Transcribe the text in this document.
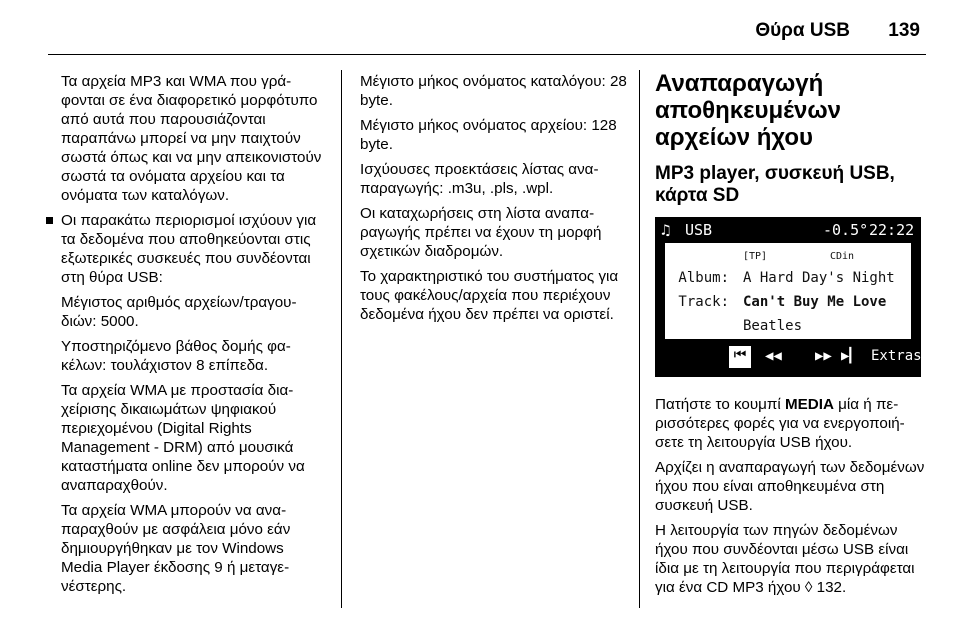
Θύρα USB 139

Τα αρχεία MP3 και WMA που γράφονται σε ένα διαφορετικό μορφότυπο από αυτά που παρουσιάζονται παραπάνω μπορεί να μην παιχτούν σωστά όπως και να μην απεικονιστούν σωστά τα ονόματα αρχείου και τα ονόματα των καταλόγων.

Οι παρακάτω περιορισμοί ισχύουν για τα δεδομένα που αποθηκεύονται στις εξωτερικές συσκευές που συνδέονται στη θύρα USB:

Μέγιστος αριθμός αρχείων/τραγουδιών: 5000.

Υποστηριζόμενο βάθος δομής φακέλων: τουλάχιστον 8 επίπεδα.

Τα αρχεία WMA με προστασία διαχείρισης δικαιωμάτων ψηφιακού περιεχομένου (Digital Rights Management - DRM) από μουσικά καταστήματα online δεν μπορούν να αναπαραχθούν.

Τα αρχεία WMA μπορούν να αναπαραχθούν με ασφάλεια μόνο εάν δημιουργήθηκαν με τον Windows Media Player έκδοσης 9 ή μεταγενέστερης.

Μέγιστο μήκος ονόματος καταλόγου: 28 byte.

Μέγιστο μήκος ονόματος αρχείου: 128 byte.

Ισχύουσες προεκτάσεις λίστας αναπαραγωγής: .m3u, .pls, .wpl.

Οι καταχωρήσεις στη λίστα αναπαραγωγής πρέπει να έχουν τη μορφή σχετικών διαδρομών.

Το χαρακτηριστικό του συστήματος για τους φακέλους/αρχεία που περιέχουν δεδομένα ήχου δεν πρέπει να οριστεί.

Αναπαραγωγή αποθηκευμένων αρχείων ήχου
MP3 player, συσκευή USB, κάρτα SD
♫ USB	-0.5° 22:22
[TP]	CDin
Album: A Hard Day's Night
Track: Can't Buy Me Love
Beatles
⏮	◀◀ ▶▶ ▶▎ Extras

Πατήστε το κουμπί MEDIA μία ή περισσότερες φορές για να ενεργοποιήσετε τη λειτουργία USB ήχου.

Αρχίζει η αναπαραγωγή των δεδομένων ήχου που είναι αποθηκευμένα στη συσκευή USB.

Η λειτουργία των πηγών δεδομένων ήχου που συνδέονται μέσω USB είναι ίδια με τη λειτουργία που περιγράφεται για ένα CD MP3 ήχου ◊ 132.
